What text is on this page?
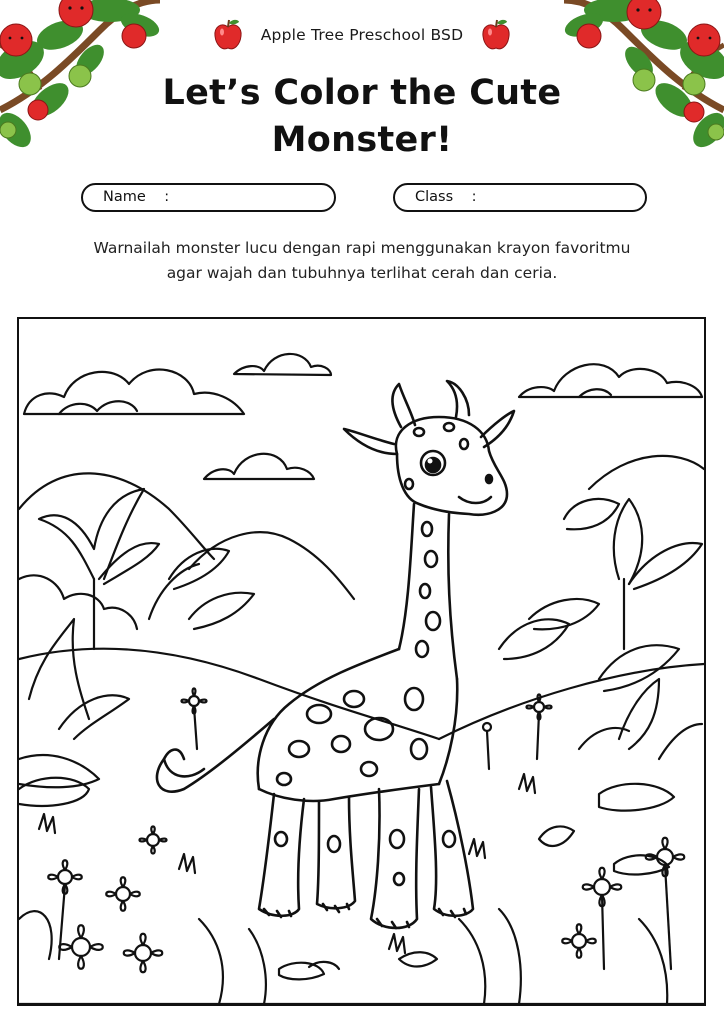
Apple Tree Preschool BSD
Let’s Color the Cute
Monster!
Name    :	Class    :
Warnailah monster lucu dengan rapi menggunakan krayon favoritmu
agar wajah dan tubuhnya terlihat cerah dan ceria.
